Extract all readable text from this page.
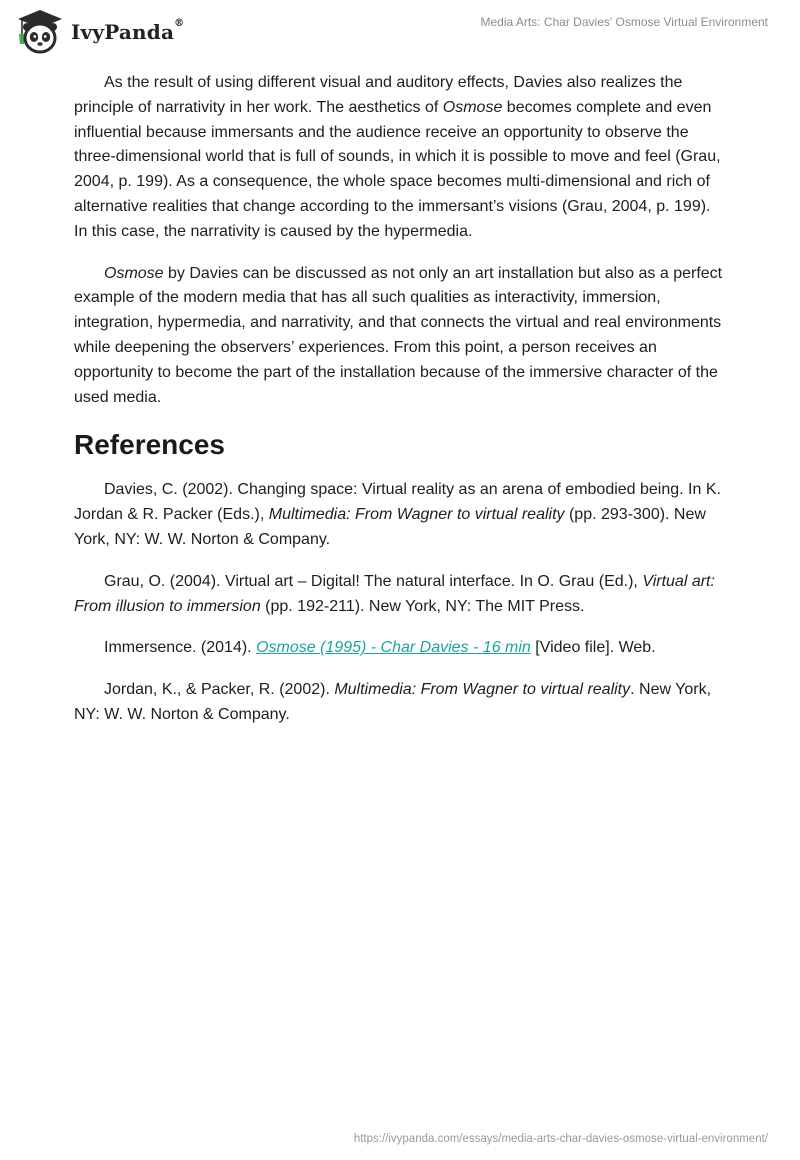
IvyPanda®	Media Arts: Char Davies' Osmose Virtual Environment

As the result of using different visual and auditory effects, Davies also realizes the principle of narrativity in her work. The aesthetics of Osmose becomes complete and even influential because immersants and the audience receive an opportunity to observe the three-dimensional world that is full of sounds, in which it is possible to move and feel (Grau, 2004, p. 199). As a consequence, the whole space becomes multi-dimensional and rich of alternative realities that change according to the immersant’s visions (Grau, 2004, p. 199). In this case, the narrativity is caused by the hypermedia.

Osmose by Davies can be discussed as not only an art installation but also as a perfect example of the modern media that has all such qualities as interactivity, immersion, integration, hypermedia, and narrativity, and that connects the virtual and real environments while deepening the observers’ experiences. From this point, a person receives an opportunity to become the part of the installation because of the immersive character of the used media.

References

Davies, C. (2002). Changing space: Virtual reality as an arena of embodied being. In K. Jordan & R. Packer (Eds.), Multimedia: From Wagner to virtual reality (pp. 293-300). New York, NY: W. W. Norton & Company.

Grau, O. (2004). Virtual art – Digital! The natural interface. In O. Grau (Ed.), Virtual art: From illusion to immersion (pp. 192-211). New York, NY: The MIT Press.

Immersence. (2014). Osmose (1995) - Char Davies - 16 min [Video file]. Web.

Jordan, K., & Packer, R. (2002). Multimedia: From Wagner to virtual reality. New York, NY: W. W. Norton & Company.

https://ivypanda.com/essays/media-arts-char-davies-osmose-virtual-environment/
